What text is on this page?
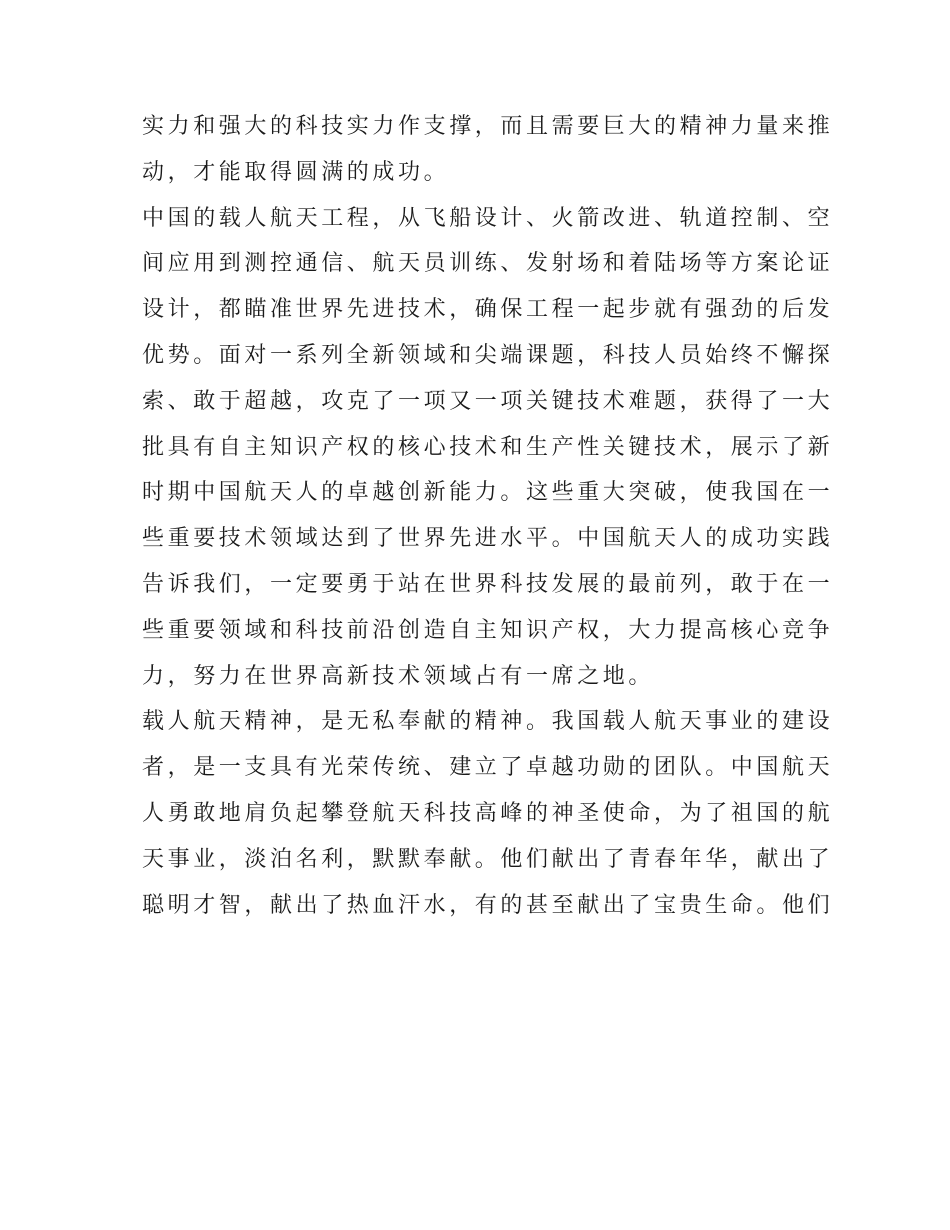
实力和强大的科技实力作支撑，而且需要巨大的精神力量来推
动，才能取得圆满的成功。
中国的载人航天工程，从飞船设计、火箭改进、轨道控制、空
间应用到测控通信、航天员训练、发射场和着陆场等方案论证
设计，都瞄准世界先进技术，确保工程一起步就有强劲的后发
优势。面对一系列全新领域和尖端课题，科技人员始终不懈探
索、敢于超越，攻克了一项又一项关键技术难题，获得了一大
批具有自主知识产权的核心技术和生产性关键技术，展示了新
时期中国航天人的卓越创新能力。这些重大突破，使我国在一
些重要技术领域达到了世界先进水平。中国航天人的成功实践
告诉我们，一定要勇于站在世界科技发展的最前列，敢于在一
些重要领域和科技前沿创造自主知识产权，大力提高核心竞争
力，努力在世界高新技术领域占有一席之地。
载人航天精神，是无私奉献的精神。我国载人航天事业的建设
者，是一支具有光荣传统、建立了卓越功勋的团队。中国航天
人勇敢地肩负起攀登航天科技高峰的神圣使命，为了祖国的航
天事业，淡泊名利，默默奉献。他们献出了青春年华，献出了
聪明才智，献出了热血汗水，有的甚至献出了宝贵生命。他们
